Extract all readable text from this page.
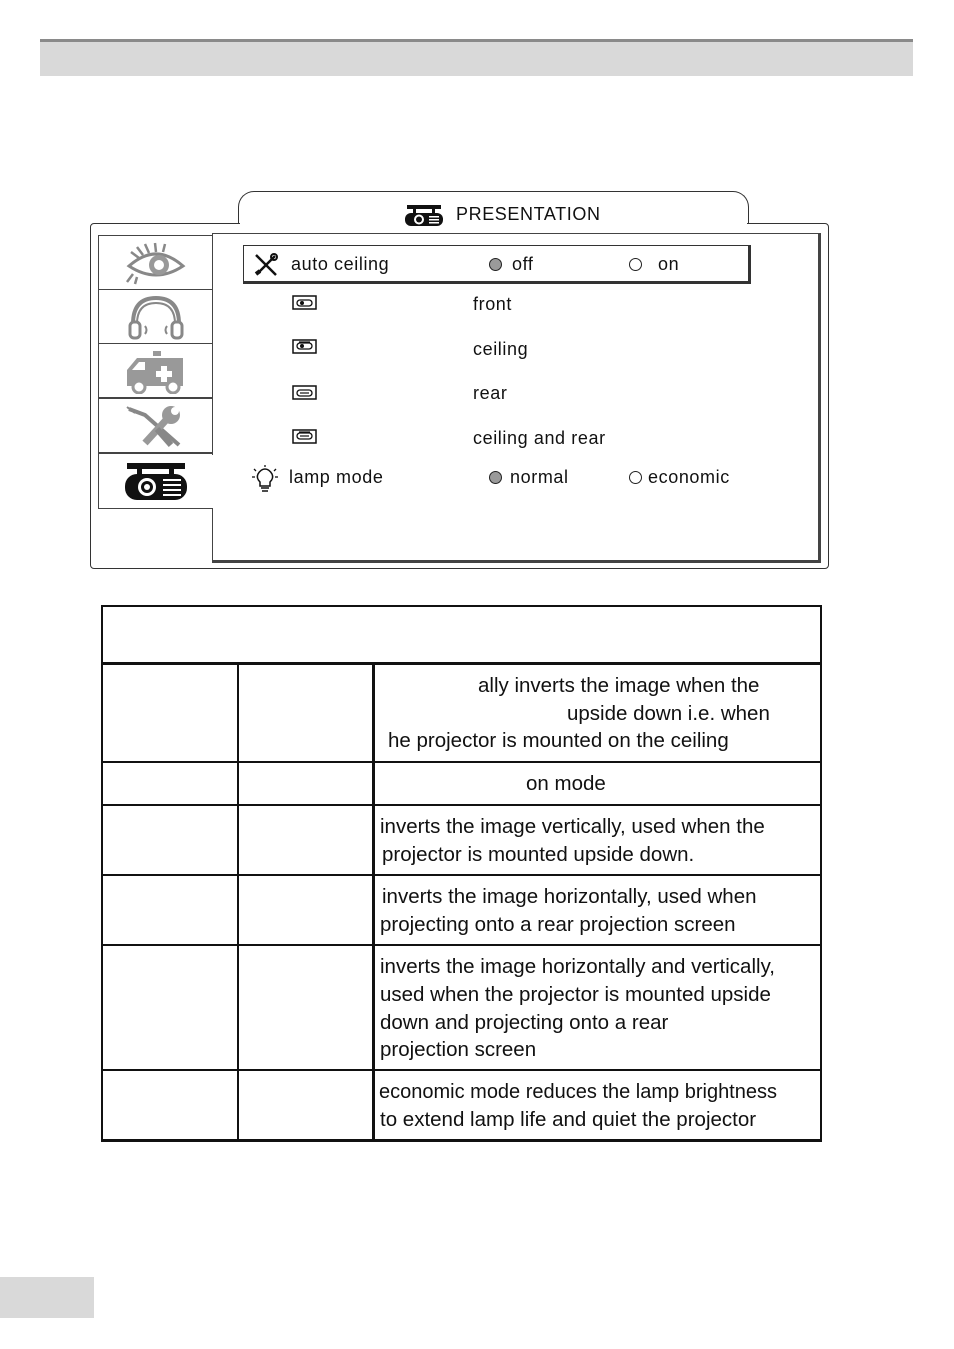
PRESENTATION
auto ceiling	off	on
front
ceiling
rear
ceiling and rear
lamp mode	normal	economic
ally inverts the image when the
upside down i.e. when
he projector is mounted on the ceiling
on mode
inverts the image vertically, used when the
projector is mounted upside down.
inverts the image horizontally, used when
projecting onto a rear projection screen
inverts the image horizontally and vertically,
used when the projector is mounted upside
down and projecting onto a rear
projection screen
economic mode reduces the lamp brightness
to extend lamp life and quiet the projector
